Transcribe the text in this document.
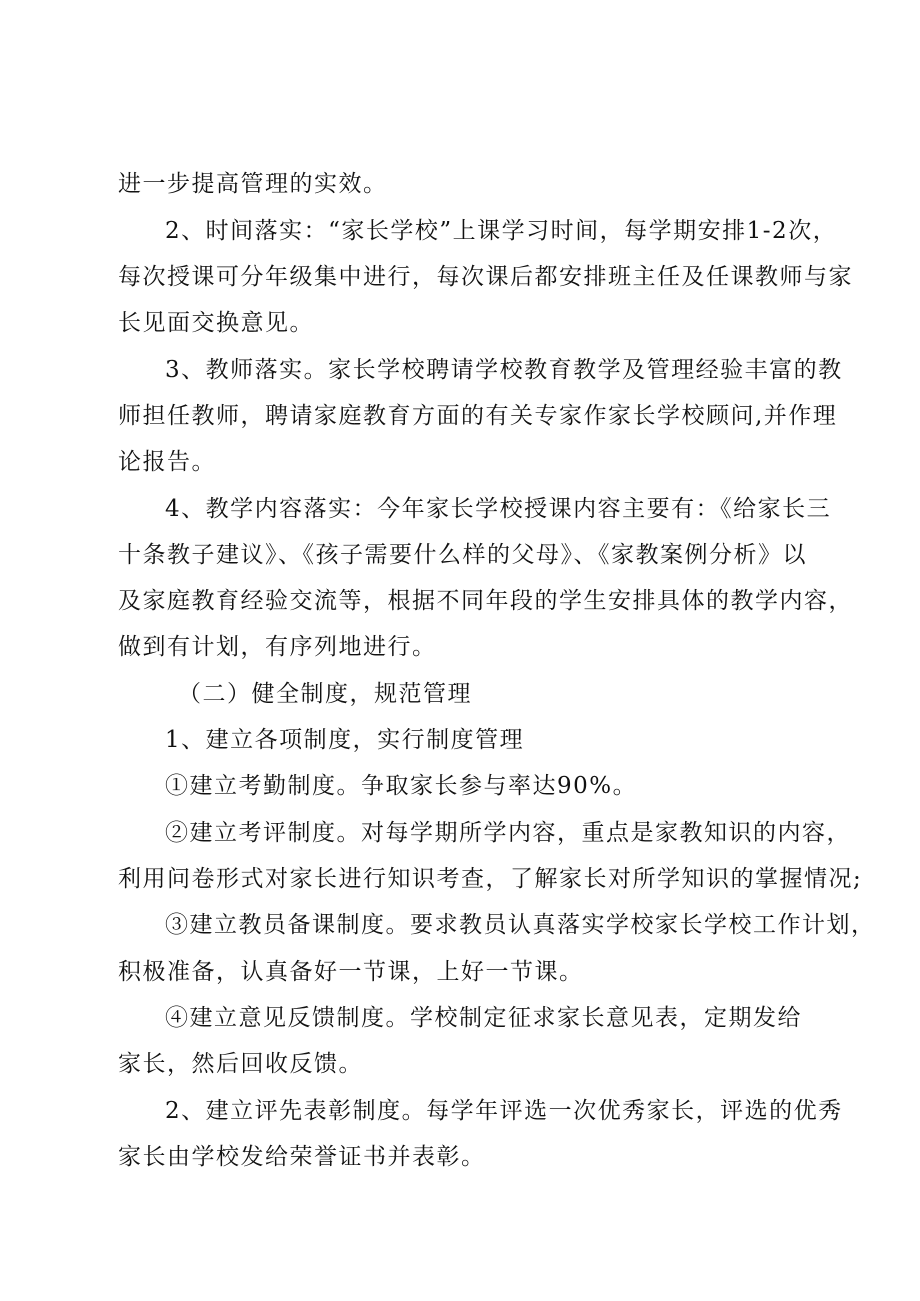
进一步提高管理的实效。
2、时间落实：“家长学校”上课学习时间，每学期安排1-2次，
每次授课可分年级集中进行，每次课后都安排班主任及任课教师与家
长见面交换意见。
3、教师落实。家长学校聘请学校教育教学及管理经验丰富的教
师担任教师，聘请家庭教育方面的有关专家作家长学校顾问,并作理
论报告。
4、教学内容落实：今年家长学校授课内容主要有：《给家长三
十条教子建议》、《孩子需要什么样的父母》、《家教案例分析》以
及家庭教育经验交流等，根据不同年段的学生安排具体的教学内容，
做到有计划，有序列地进行。
（二）健全制度，规范管理
1、建立各项制度，实行制度管理
①建立考勤制度。争取家长参与率达90%。
②建立考评制度。对每学期所学内容，重点是家教知识的内容，
利用问卷形式对家长进行知识考查，了解家长对所学知识的掌握情况;
③建立教员备课制度。要求教员认真落实学校家长学校工作计划，
积极准备，认真备好一节课，上好一节课。
④建立意见反馈制度。学校制定征求家长意见表，定期发给
家长，然后回收反馈。
2、建立评先表彰制度。每学年评选一次优秀家长，评选的优秀
家长由学校发给荣誉证书并表彰。
